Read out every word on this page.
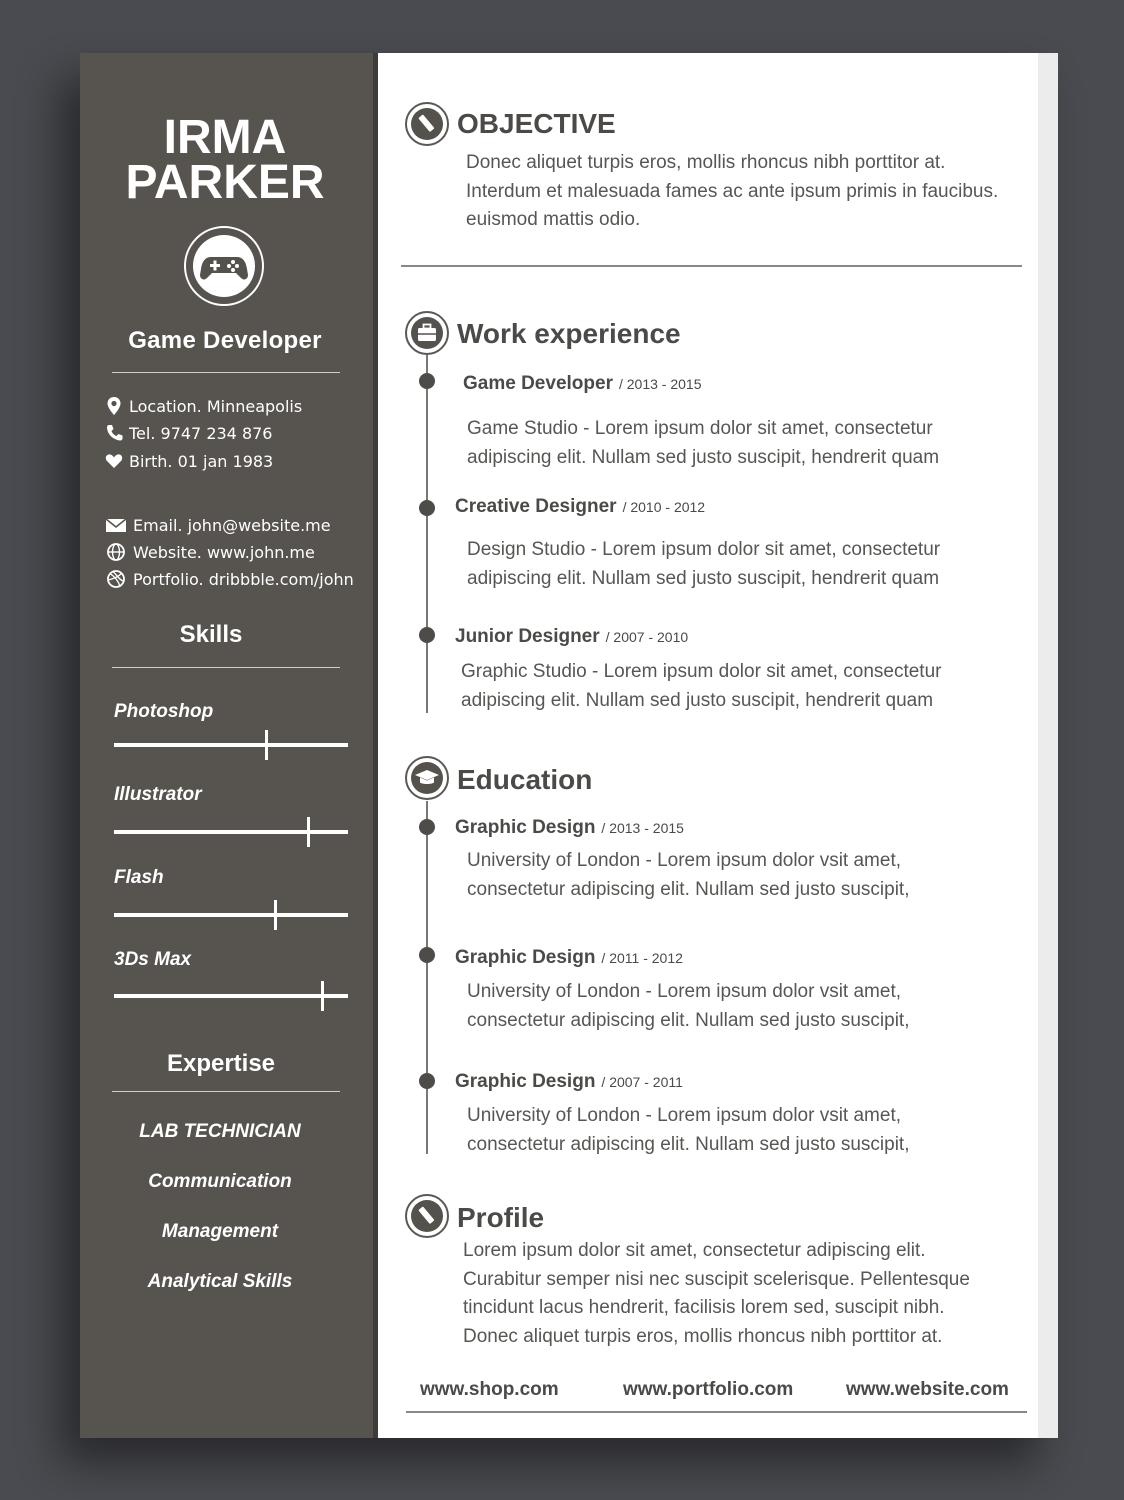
IRMA
PARKER
Game Developer
Location. Minneapolis
Tel. 9747 234 876
Birth. 01 jan 1983
Email. john@website.me
Website. www.john.me
Portfolio. dribbble.com/john
Skills
Photoshop
Illustrator
Flash
3Ds Max
Expertise
LAB TECHNICIAN
Communication
Management
Analytical Skills
OBJECTIVE
Donec aliquet turpis eros, mollis rhoncus nibh porttitor at.
Interdum et malesuada fames ac ante ipsum primis in faucibus.
euismod mattis odio.
Work experience
Game Developer / 2013 - 2015
Game Studio - Lorem ipsum dolor sit amet, consectetur
adipiscing elit. Nullam sed justo suscipit, hendrerit quam
Creative Designer / 2010 - 2012
Design Studio - Lorem ipsum dolor sit amet, consectetur
adipiscing elit. Nullam sed justo suscipit, hendrerit quam
Junior Designer / 2007 - 2010
Graphic Studio - Lorem ipsum dolor sit amet, consectetur
adipiscing elit. Nullam sed justo suscipit, hendrerit quam
Education
Graphic Design / 2013 - 2015
University of London - Lorem ipsum dolor vsit amet,
consectetur adipiscing elit. Nullam sed justo suscipit,
Graphic Design / 2011 - 2012
University of London - Lorem ipsum dolor vsit amet,
consectetur adipiscing elit. Nullam sed justo suscipit,
Graphic Design / 2007 - 2011
University of London - Lorem ipsum dolor vsit amet,
consectetur adipiscing elit. Nullam sed justo suscipit,
Profile
Lorem ipsum dolor sit amet, consectetur adipiscing elit.
Curabitur semper nisi nec suscipit scelerisque. Pellentesque
tincidunt lacus hendrerit, facilisis lorem sed, suscipit nibh.
Donec aliquet turpis eros, mollis rhoncus nibh porttitor at.
www.shop.com	www.portfolio.com	www.website.com
